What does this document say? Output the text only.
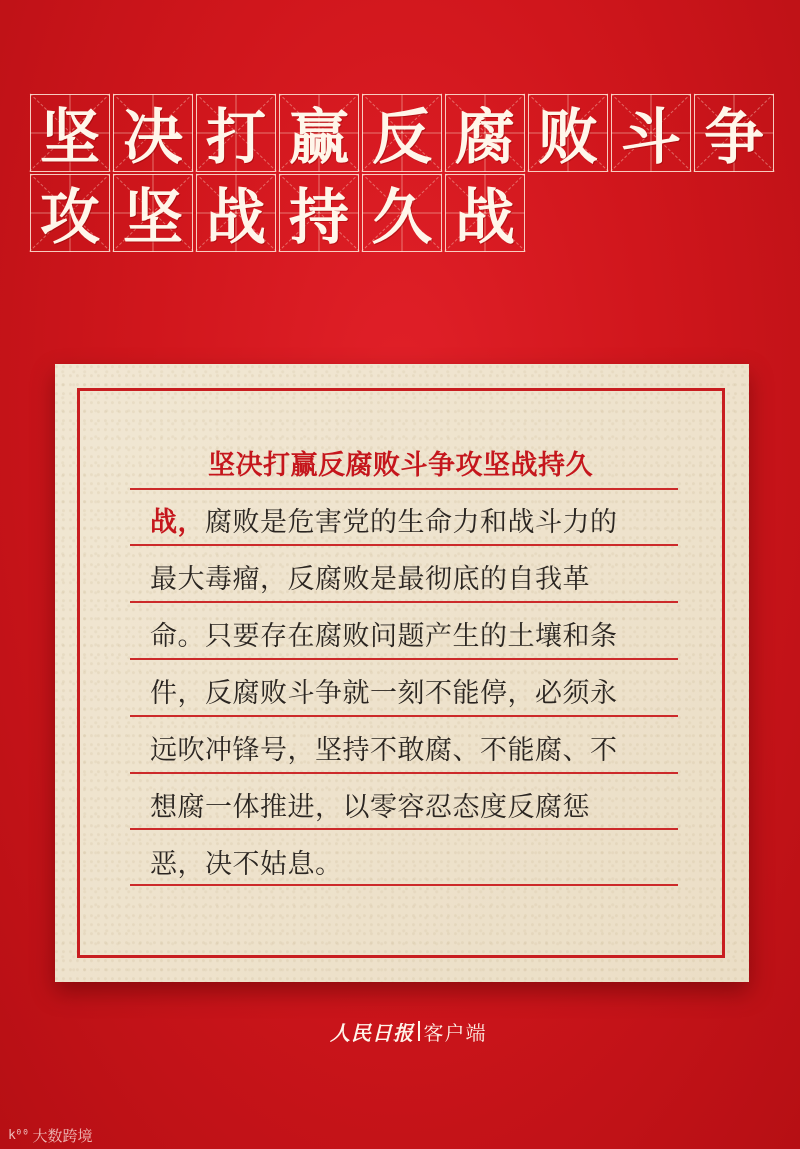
坚 决 打 赢 反 腐 败 斗 争
攻 坚 战 持 久 战
坚决打赢反腐败斗争攻坚战持久
战，腐败是危害党的生命力和战斗力的
最大毒瘤，反腐败是最彻底的自我革
命。只要存在腐败问题产生的土壤和条
件，反腐败斗争就一刻不能停，必须永
远吹冲锋号，坚持不敢腐、不能腐、不
想腐一体推进，以零容忍态度反腐惩
恶，决不姑息。
人民日报 客户端
k⁰⁰ 大数跨境
